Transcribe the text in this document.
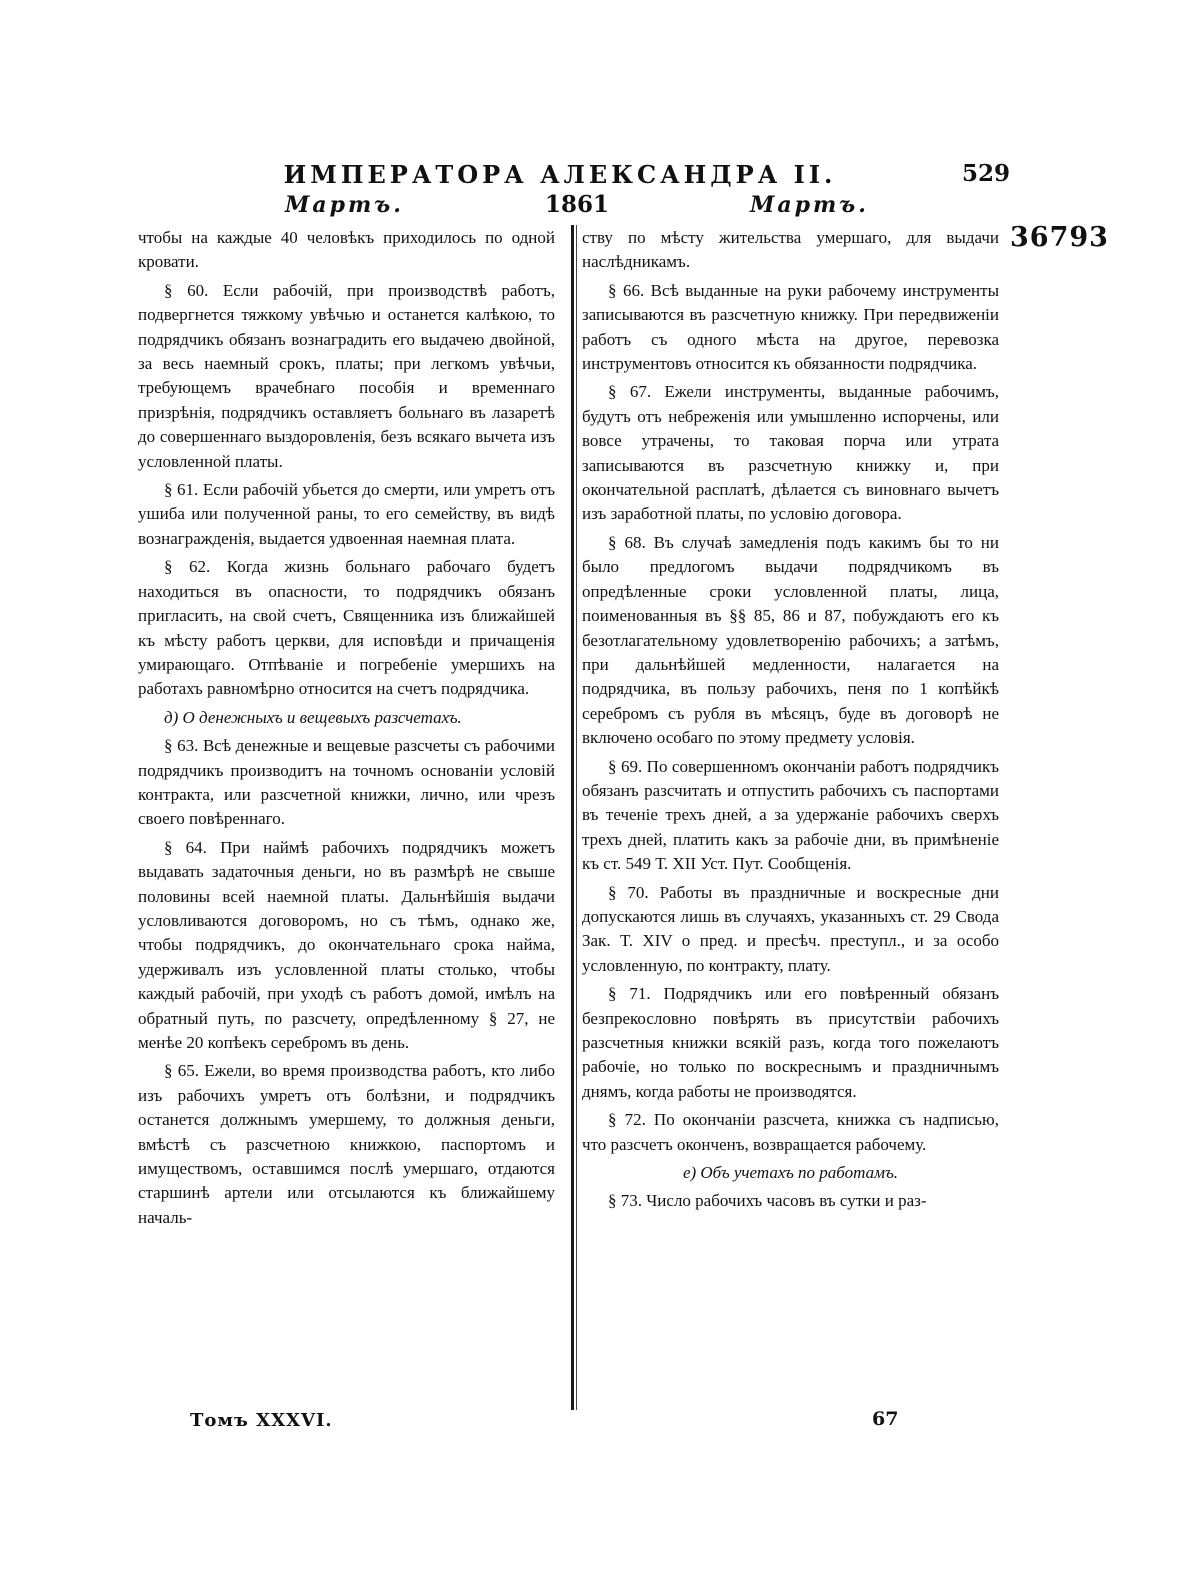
ИМПЕРАТОРА АЛЕКСАНДРА II.	529
Мартъ.	1861	Мартъ.
36793

чтобы на каждые 40 человѣкъ приходилось по одной кровати.

§ 60. Если рабочій, при производствѣ работъ, подвергнется тяжкому увѣчью и останется калѣкою, то подрядчикъ обязанъ вознаградить его выдачею двойной, за весь наемный срокъ, платы; при легкомъ увѣчьи, требующемъ врачебнаго пособія и временнаго призрѣнія, подрядчикъ оставляетъ больнаго въ лазаретѣ до совершеннаго выздоровленія, безъ всякаго вычета изъ условленной платы.

§ 61. Если рабочій убьется до смерти, или умретъ отъ ушиба или полученной раны, то его семейству, въ видѣ вознагражденія, выдается удвоенная наемная плата.

§ 62. Когда жизнь больнаго рабочаго будетъ находиться въ опасности, то подрядчикъ обязанъ пригласить, на свой счетъ, Священника изъ ближайшей къ мѣсту работъ церкви, для исповѣди и причащенія умирающаго. Отпѣваніе и погребеніе умершихъ на работахъ равномѣрно относится на счетъ подрядчика.

д) О денежныхъ и вещевыхъ разсчетахъ.

§ 63. Всѣ денежные и вещевые разсчеты съ рабочими подрядчикъ производитъ на точномъ основаніи условій контракта, или разсчетной книжки, лично, или чрезъ своего повѣреннаго.

§ 64. При наймѣ рабочихъ подрядчикъ можетъ выдавать задаточныя деньги, но въ размѣрѣ не свыше половины всей наемной платы. Дальнѣйшія выдачи условливаются договоромъ, но съ тѣмъ, однако же, чтобы подрядчикъ, до окончательнаго срока найма, удерживалъ изъ условленной платы столько, чтобы каждый рабочій, при уходѣ съ работъ домой, имѣлъ на обратный путь, по разсчету, опредѣленному § 27, не менѣе 20 копѣекъ серебромъ въ день.

§ 65. Ежели, во время производства работъ, кто либо изъ рабочихъ умретъ отъ болѣзни, и подрядчикъ останется должнымъ умершему, то должныя деньги, вмѣстѣ съ разсчетною книжкою, паспортомъ и имуществомъ, оставшимся послѣ умершаго, отдаются старшинѣ артели или отсылаются къ ближайшему началь-

ству по мѣсту жительства умершаго, для выдачи наслѣдникамъ.

§ 66. Всѣ выданные на руки рабочему инструменты записываются въ разсчетную книжку. При передвиженіи работъ съ одного мѣста на другое, перевозка инструментовъ относится къ обязанности подрядчика.

§ 67. Ежели инструменты, выданные рабочимъ, будутъ отъ небреженія или умышленно испорчены, или вовсе утрачены, то таковая порча или утрата записываются въ разсчетную книжку и, при окончательной расплатѣ, дѣлается съ виновнаго вычетъ изъ заработной платы, по условію договора.

§ 68. Въ случаѣ замедленія подъ какимъ бы то ни было предлогомъ выдачи подрядчикомъ въ опредѣленные сроки условленной платы, лица, поименованныя въ §§ 85, 86 и 87, побуждаютъ его къ безотлагательному удовлетворенію рабочихъ; а затѣмъ, при дальнѣйшей медленности, налагается на подрядчика, въ пользу рабочихъ, пеня по 1 копѣйкѣ серебромъ съ рубля въ мѣсяцъ, буде въ договорѣ не включено особаго по этому предмету условія.

§ 69. По совершенномъ окончаніи работъ подрядчикъ обязанъ разсчитать и отпустить рабочихъ съ паспортами въ теченіе трехъ дней, а за удержаніе рабочихъ сверхъ трехъ дней, платить какъ за рабочіе дни, въ примѣненіе къ ст. 549 Т. XII Уст. Пут. Сообщенія.

§ 70. Работы въ праздничные и воскресные дни допускаются лишь въ случаяхъ, указанныхъ ст. 29 Свода Зак. Т. XIV о пред. и пресѣч. преступл., и за особо условленную, по контракту, плату.

§ 71. Подрядчикъ или его повѣренный обязанъ безпрекословно повѣрять въ присутствіи рабочихъ разсчетныя книжки всякій разъ, когда того пожелаютъ рабочіе, но только по воскреснымъ и праздничнымъ днямъ, когда работы не производятся.

§ 72. По окончаніи разсчета, книжка съ надписью, что разсчетъ оконченъ, возвращается рабочему.

е) Объ учетахъ по работамъ.

§ 73. Число рабочихъ часовъ въ сутки и раз-

Томъ XXXVI.	67
